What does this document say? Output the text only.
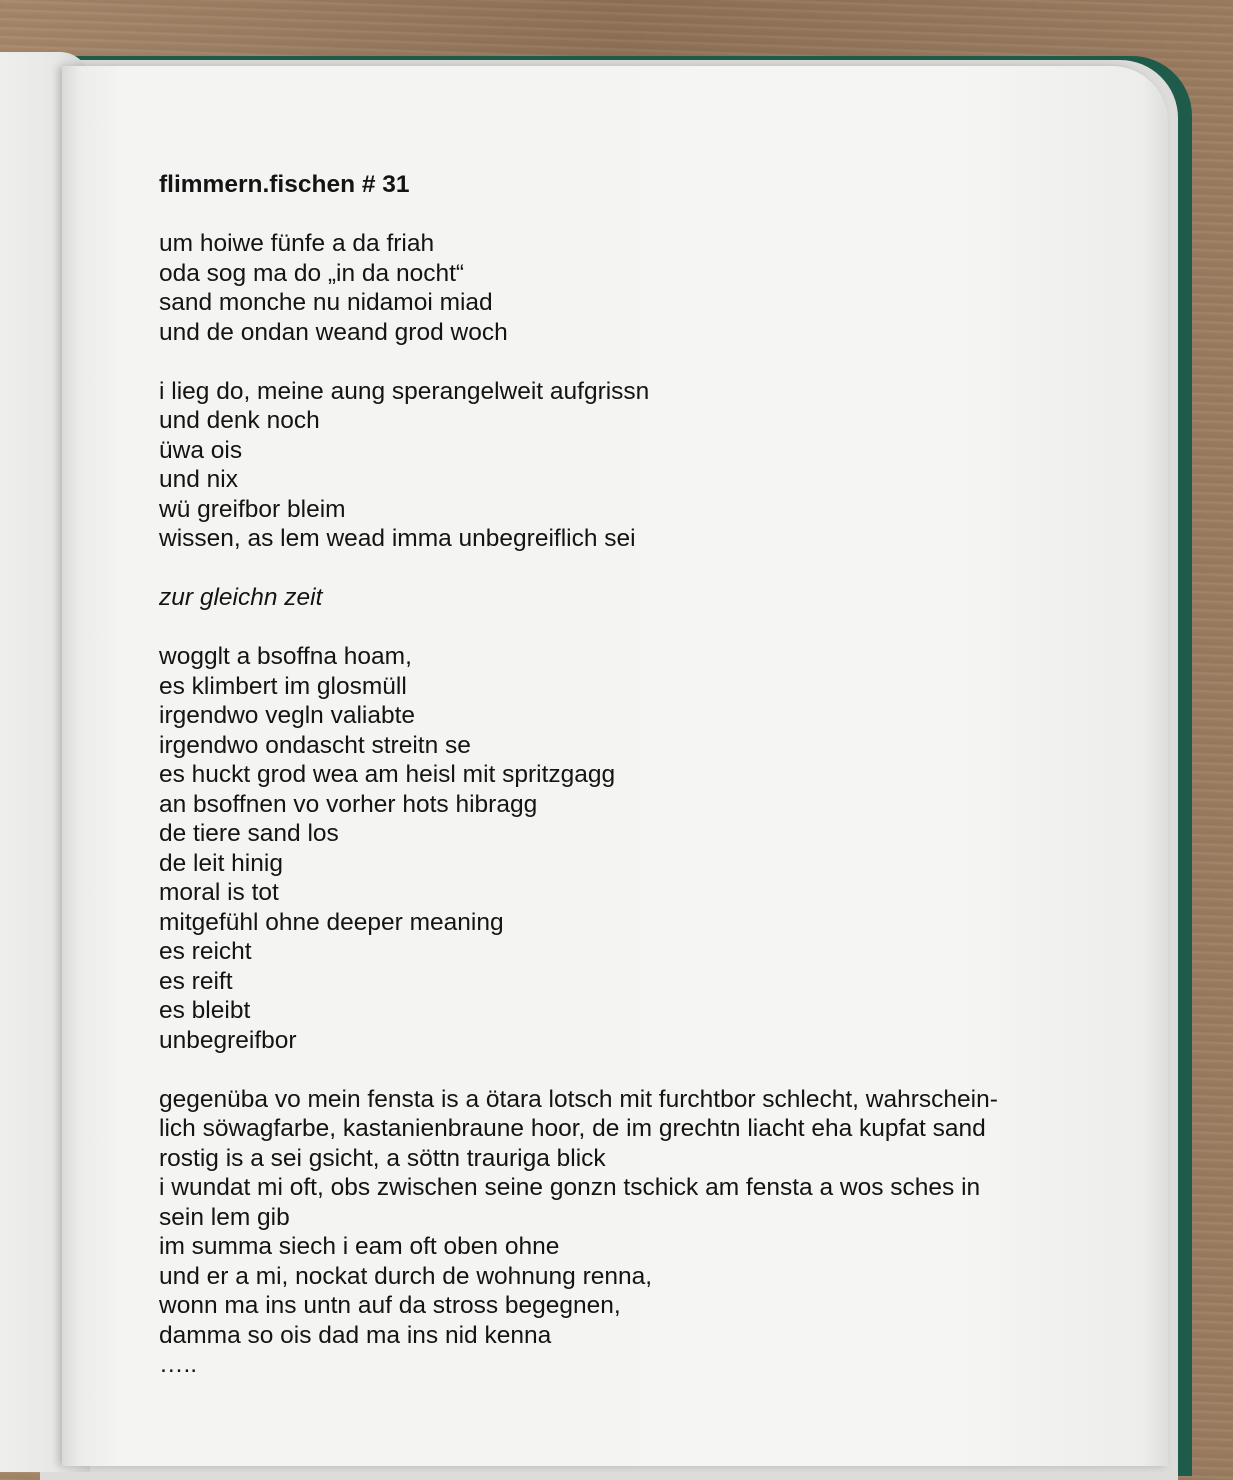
flimmern.fischen # 31

um hoiwe fünfe a da friah

oda sog ma do „in da nocht“

sand monche nu nidamoi miad

und de ondan weand grod woch

i lieg do, meine aung sperangelweit aufgrissn

und denk noch

üwa ois

und nix

wü greifbor bleim

wissen, as lem wead imma unbegreiflich sei

zur gleichn zeit

wogglt a bsoffna hoam,

es klimbert im glosmüll

irgendwo vegln valiabte

irgendwo ondascht streitn se

es huckt grod wea am heisl mit spritzgagg

an bsoffnen vo vorher hots hibragg

de tiere sand los

de leit hinig

moral is tot

mitgefühl ohne deeper meaning

es reicht

es reift

es bleibt

unbegreifbor

gegenüba vo mein fensta is a ötara lotsch mit furchtbor schlecht, wahrschein-

lich söwagfarbe, kastanienbraune hoor, de im grechtn liacht eha kupfat sand

rostig is a sei gsicht, a söttn trauriga blick

i wundat mi oft, obs zwischen seine gonzn tschick am fensta a wos sches in

sein lem gib

im summa siech i eam oft oben ohne

und er a mi, nockat durch de wohnung renna,

wonn ma ins untn auf da stross begegnen,

damma so ois dad ma ins nid kenna

…..
